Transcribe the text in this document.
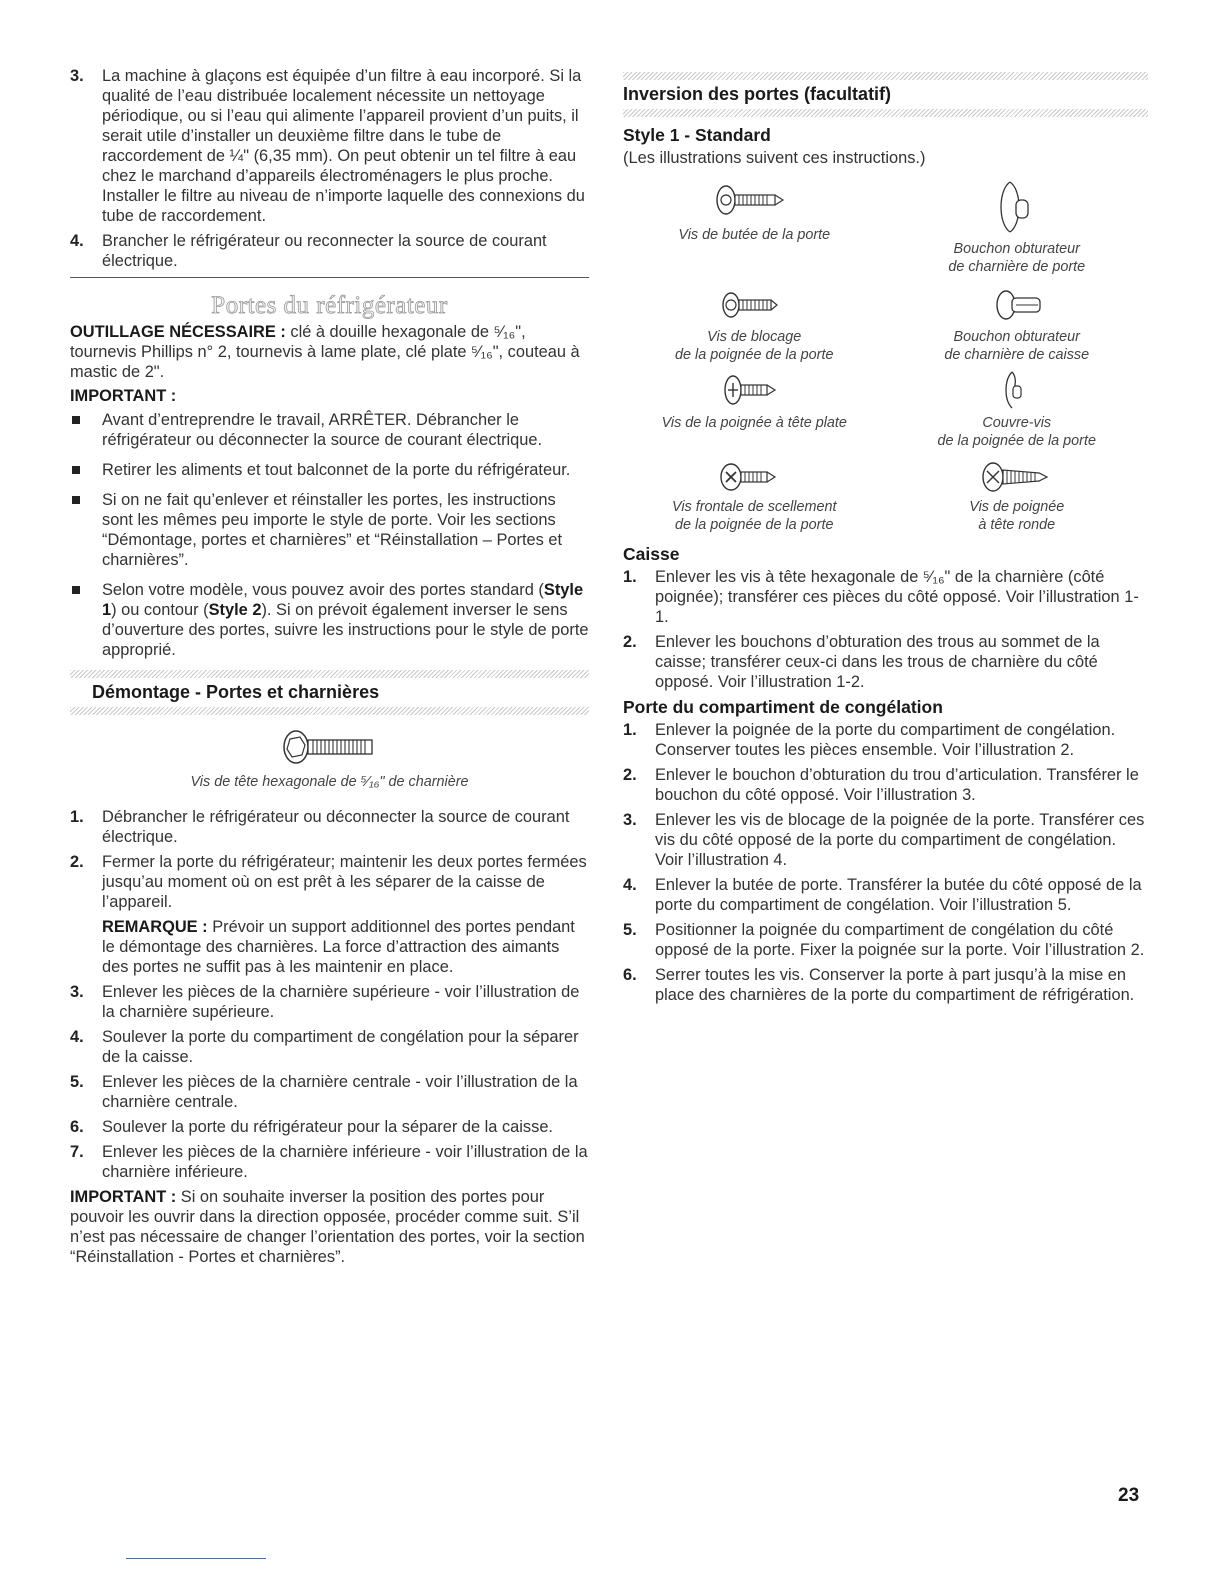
3. La machine à glaçons est équipée d’un filtre à eau incorporé. Si la qualité de l’eau distribuée localement nécessite un nettoyage périodique, ou si l’eau qui alimente l’appareil provient d’un puits, il serait utile d’installer un deuxième filtre dans le tube de raccordement de ¼" (6,35 mm). On peut obtenir un tel filtre à eau chez le marchand d’appareils électroménagers le plus proche. Installer le filtre au niveau de n’importe laquelle des connexions du tube de raccordement.

4. Brancher le réfrigérateur ou reconnecter la source de courant électrique.

Portes du réfrigérateur

OUTILLAGE NÉCESSAIRE : clé à douille hexagonale de ⁵⁄₁₆", tournevis Phillips n° 2, tournevis à lame plate, clé plate ⁵⁄₁₆", couteau à mastic de 2".

IMPORTANT :

Avant d’entreprendre le travail, ARRÊTER. Débrancher le réfrigérateur ou déconnecter la source de courant électrique.

Retirer les aliments et tout balconnet de la porte du réfrigérateur.

Si on ne fait qu’enlever et réinstaller les portes, les instructions sont les mêmes peu importe le style de porte. Voir les sections “Démontage, portes et charnières” et “Réinstallation – Portes et charnières”.

Selon votre modèle, vous pouvez avoir des portes standard (Style 1) ou contour (Style 2). Si on prévoit également inverser le sens d’ouverture des portes, suivre les instructions pour le style de porte approprié.

Démontage - Portes et charnières

Vis de tête hexagonale de ⁵⁄₁₆" de charnière

1. Débrancher le réfrigérateur ou déconnecter la source de courant électrique.

2. Fermer la porte du réfrigérateur; maintenir les deux portes fermées jusqu’au moment où on est prêt à les séparer de la caisse de l’appareil.

REMARQUE : Prévoir un support additionnel des portes pendant le démontage des charnières. La force d’attraction des aimants des portes ne suffit pas à les maintenir en place.

3. Enlever les pièces de la charnière supérieure - voir l’illustration de la charnière supérieure.

4. Soulever la porte du compartiment de congélation pour la séparer de la caisse.

5. Enlever les pièces de la charnière centrale - voir l’illustration de la charnière centrale.

6. Soulever la porte du réfrigérateur pour la séparer de la caisse.

7. Enlever les pièces de la charnière inférieure - voir l’illustration de la charnière inférieure.

IMPORTANT : Si on souhaite inverser la position des portes pour pouvoir les ouvrir dans la direction opposée, procéder comme suit. S’il n’est pas nécessaire de changer l’orientation des portes, voir la section “Réinstallation - Portes et charnières”.

Inversion des portes (facultatif)
Style 1 - Standard

(Les illustrations suivent ces instructions.)

Vis de butée de la porte

Bouchon obturateur

de charnière de porte

Vis de blocage

de la poignée de la porte

Bouchon obturateur

de charnière de caisse

Vis de la poignée à tête plate	Couvre-vis

de la poignée de la porte

Vis frontale de scellement

de la poignée de la porte

Vis de poignée

à tête ronde

Caisse

1. Enlever les vis à tête hexagonale de ⁵⁄₁₆" de la charnière (côté poignée); transférer ces pièces du côté opposé. Voir l’illustration 1-1.

2. Enlever les bouchons d’obturation des trous au sommet de la caisse; transférer ceux-ci dans les trous de charnière du côté opposé. Voir l’illustration 1-2.

Porte du compartiment de congélation

1. Enlever la poignée de la porte du compartiment de congélation. Conserver toutes les pièces ensemble. Voir l’illustration 2.

2. Enlever le bouchon d’obturation du trou d’articulation. Transférer le bouchon du côté opposé. Voir l’illustration 3.

3. Enlever les vis de blocage de la poignée de la porte. Transférer ces vis du côté opposé de la porte du compartiment de congélation. Voir l’illustration 4.

4. Enlever la butée de porte. Transférer la butée du côté opposé de la porte du compartiment de congélation. Voir l’illustration 5.

5. Positionner la poignée du compartiment de congélation du côté opposé de la porte. Fixer la poignée sur la porte. Voir l’illustration 2.

6. Serrer toutes les vis. Conserver la porte à part jusqu’à la mise en place des charnières de la porte du compartiment de réfrigération.

23
